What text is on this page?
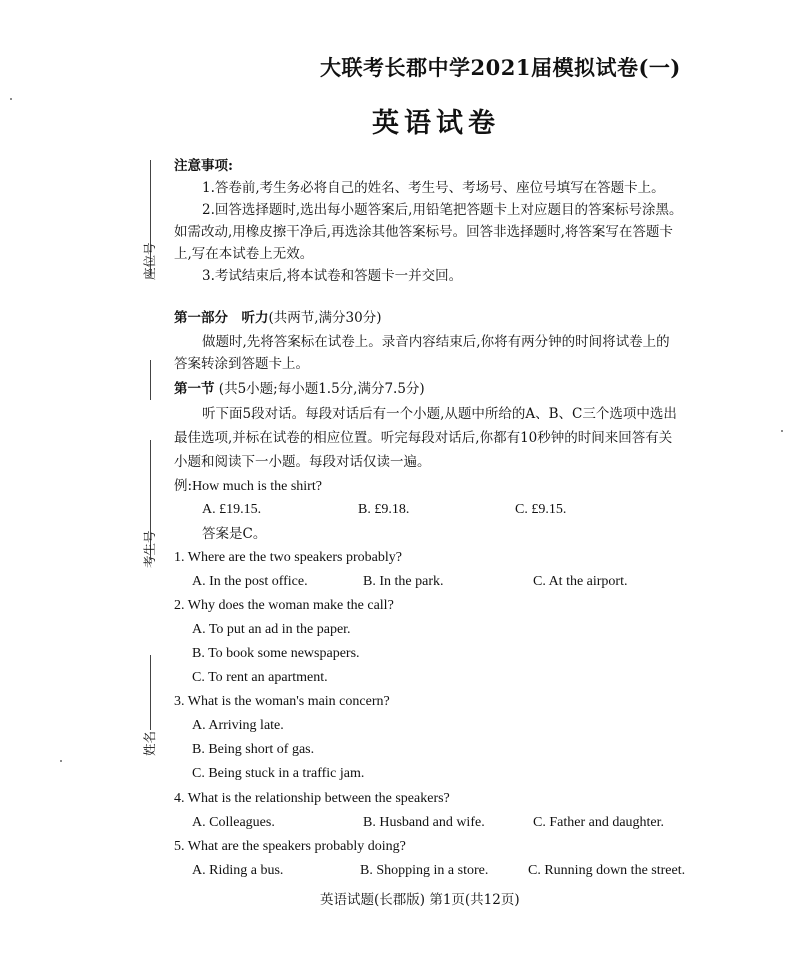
大联考长郡中学2021届模拟试卷(一)
英语试卷
座位号
考生号
姓名
注意事项:
1.答卷前,考生务必将自己的姓名、考生号、考场号、座位号填写在答题卡上。
2.回答选择题时,选出每小题答案后,用铅笔把答题卡上对应题目的答案标号涂黑。
如需改动,用橡皮擦干净后,再选涂其他答案标号。回答非选择题时,将答案写在答题卡
上,写在本试卷上无效。
3.考试结束后,将本试卷和答题卡一并交回。
第一部分　听力(共两节,满分30分)
做题时,先将答案标在试卷上。录音内容结束后,你将有两分钟的时间将试卷上的
答案转涂到答题卡上。
第一节 (共5小题;每小题1.5分,满分7.5分)
听下面5段对话。每段对话后有一个小题,从题中所给的A、B、C三个选项中选出
最佳选项,并标在试卷的相应位置。听完每段对话后,你都有10秒钟的时间来回答有关
小题和阅读下一小题。每段对话仅读一遍。
例:How much is the shirt?
A. £19.15.	B. £9.18.	C. £9.15.
答案是C。
1. Where are the two speakers probably?
A. In the post office.	B. In the park.	C. At the airport.
2. Why does the woman make the call?
A. To put an ad in the paper.
B. To book some newspapers.
C. To rent an apartment.
3. What is the woman's main concern?
A. Arriving late.
B. Being short of gas.
C. Being stuck in a traffic jam.
4. What is the relationship between the speakers?
A. Colleagues.	B. Husband and wife.	C. Father and daughter.
5. What are the speakers probably doing?
A. Riding a bus.	B. Shopping in a store.	C. Running down the street.
英语试题(长郡版) 第1页(共12页)
